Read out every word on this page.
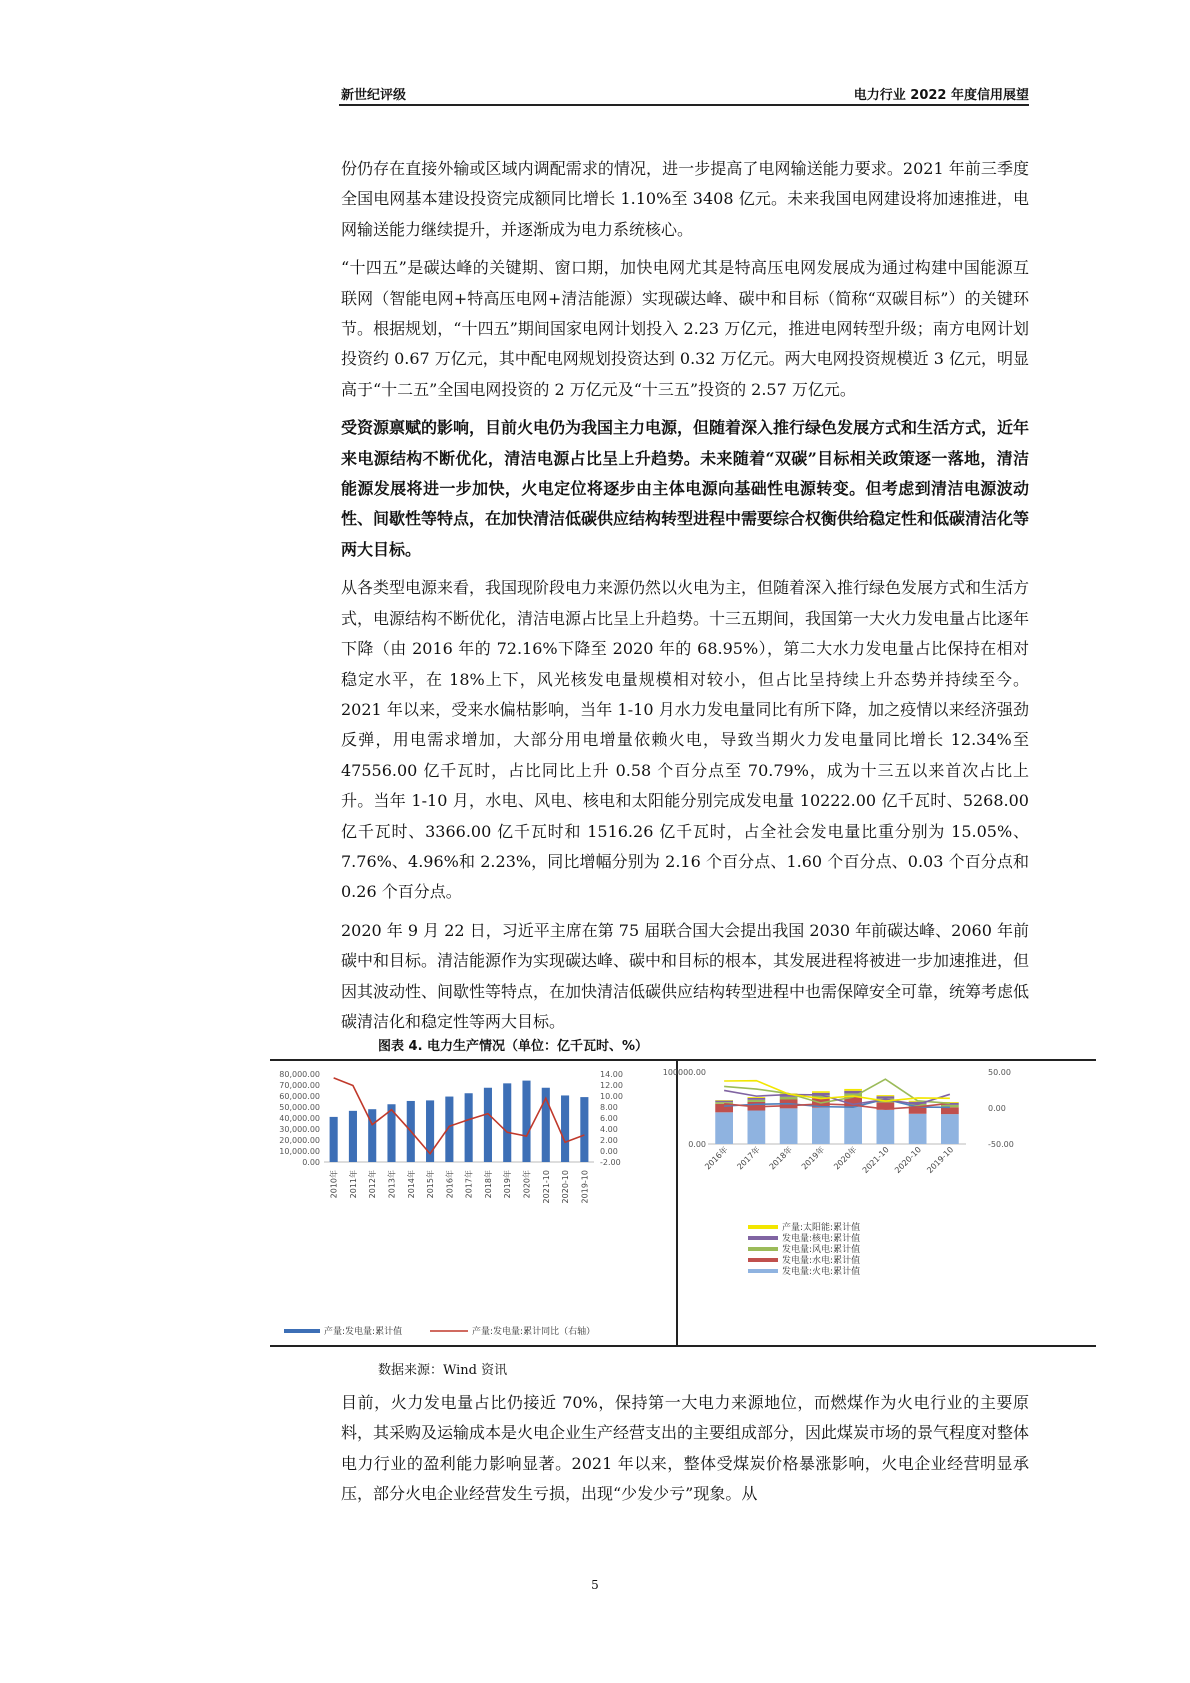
新世纪评级	电力行业 2022 年度信用展望

份仍存在直接外输或区域内调配需求的情况，进一步提高了电网输送能力要求。2021 年前三季度全国电网基本建设投资完成额同比增长 1.10%至 3408 亿元。未来我国电网建设将加速推进，电网输送能力继续提升，并逐渐成为电力系统核心。

“十四五”是碳达峰的关键期、窗口期，加快电网尤其是特高压电网发展成为通过构建中国能源互联网（智能电网+特高压电网+清洁能源）实现碳达峰、碳中和目标（简称“双碳目标”）的关键环节。根据规划，“十四五”期间国家电网计划投入 2.23 万亿元，推进电网转型升级；南方电网计划投资约 0.67 万亿元，其中配电网规划投资达到 0.32 万亿元。两大电网投资规模近 3 亿元，明显高于“十二五”全国电网投资的 2 万亿元及“十三五”投资的 2.57 万亿元。

受资源禀赋的影响，目前火电仍为我国主力电源，但随着深入推行绿色发展方式和生活方式，近年来电源结构不断优化，清洁电源占比呈上升趋势。未来随着“双碳”目标相关政策逐一落地，清洁能源发展将进一步加快，火电定位将逐步由主体电源向基础性电源转变。但考虑到清洁电源波动性、间歇性等特点，在加快清洁低碳供应结构转型进程中需要综合权衡供给稳定性和低碳清洁化等两大目标。

从各类型电源来看，我国现阶段电力来源仍然以火电为主，但随着深入推行绿色发展方式和生活方式，电源结构不断优化，清洁电源占比呈上升趋势。十三五期间，我国第一大火力发电量占比逐年下降（由 2016 年的 72.16%下降至 2020 年的 68.95%），第二大水力发电量占比保持在相对稳定水平，在 18%上下，风光核发电量规模相对较小，但占比呈持续上升态势并持续至今。2021 年以来，受来水偏枯影响，当年 1-10 月水力发电量同比有所下降，加之疫情以来经济强劲反弹，用电需求增加，大部分用电增量依赖火电，导致当期火力发电量同比增长 12.34%至 47556.00 亿千瓦时，占比同比上升 0.58 个百分点至 70.79%，成为十三五以来首次占比上升。当年 1-10 月，水电、风电、核电和太阳能分别完成发电量 10222.00 亿千瓦时、5268.00 亿千瓦时、3366.00 亿千瓦时和 1516.26 亿千瓦时，占全社会发电量比重分别为 15.05%、7.76%、4.96%和 2.23%，同比增幅分别为 2.16 个百分点、1.60 个百分点、0.03 个百分点和 0.26 个百分点。

2020 年 9 月 22 日，习近平主席在第 75 届联合国大会提出我国 2030 年前碳达峰、2060 年前碳中和目标。清洁能源作为实现碳达峰、碳中和目标的根本，其发展进程将被进一步加速推进，但因其波动性、间歇性等特点，在加快清洁低碳供应结构转型进程中也需保障安全可靠，统筹考虑低碳清洁化和稳定性等两大目标。

图表 4. 电力生产情况（单位：亿千瓦时、%）
80,000.00
70,000.00
60,000.00
50,000.00
40,000.00
30,000.00
20,000.00
10,000.00
0.00
14.00
12.00
10.00
8.00
6.00
4.00
2.00
0.00
-2.00
2010年 2011年 2012年 2013年 2014年 2015年 2016年 2017年 2018年 2019年 2020年 2021-10 2020-10 2019-10
产量:发电量:累计值	产量:发电量:累计同比（右轴）
100000.00
0.00
50.00
0.00
-50.00
2016年 2017年 2018年 2019年 2020年 2021-10 2020-10 2019-10
产量:太阳能:累计值
发电量:核电:累计值
发电量:风电:累计值
发电量:水电:累计值
发电量:火电:累计值
数据来源：Wind 资讯

目前，火力发电量占比仍接近 70%，保持第一大电力来源地位，而燃煤作为火电行业的主要原料，其采购及运输成本是火电企业生产经营支出的主要组成部分，因此煤炭市场的景气程度对整体电力行业的盈利能力影响显著。2021 年以来，整体受煤炭价格暴涨影响，火电企业经营明显承压，部分火电企业经营发生亏损，出现“少发少亏”现象。从

5
